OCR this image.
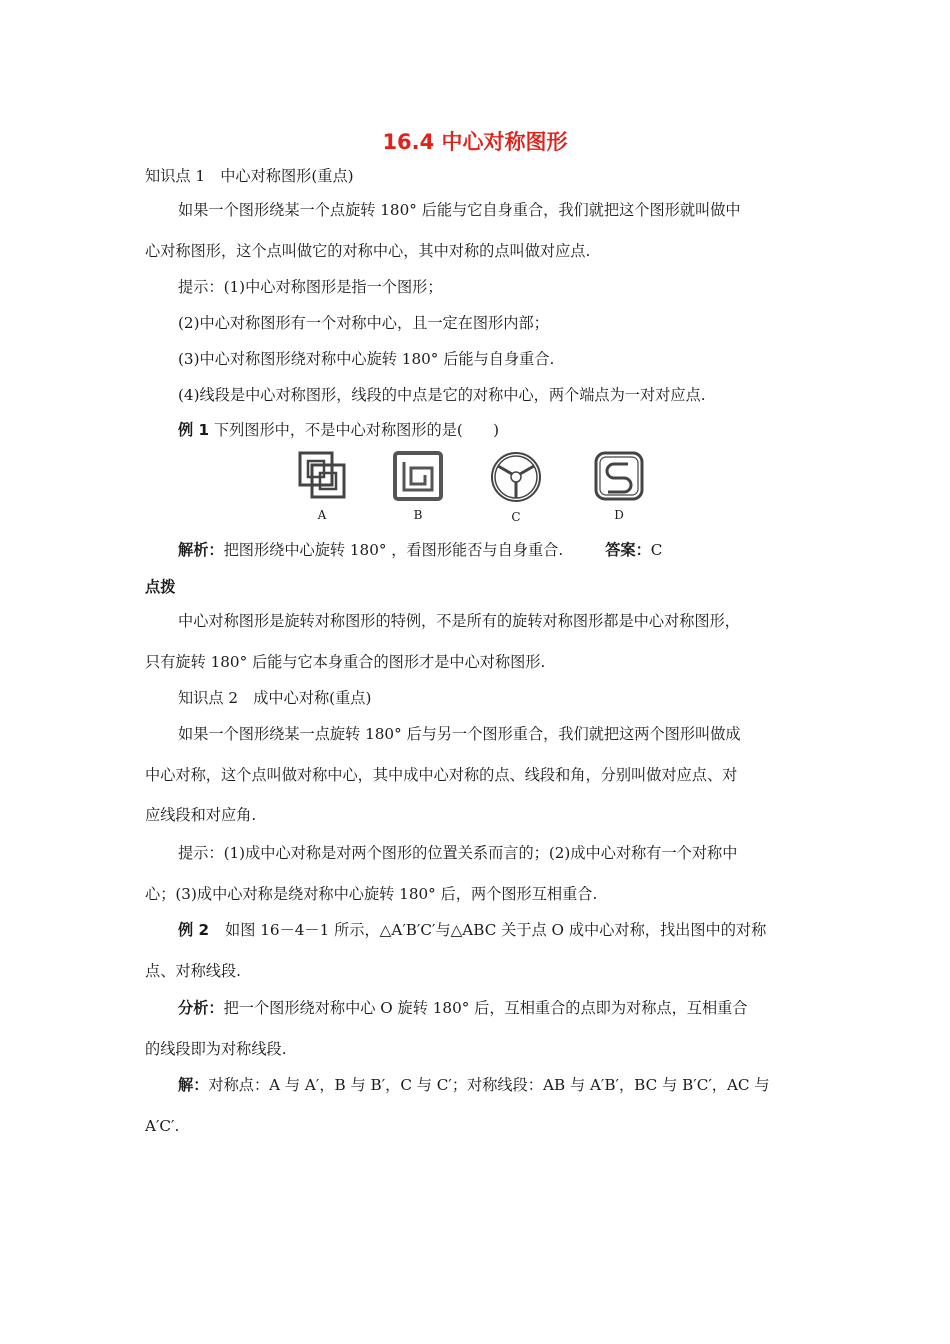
16.4 中心对称图形
知识点 1　中心对称图形(重点)
如果一个图形绕某一个点旋转 180° 后能与它自身重合，我们就把这个图形就叫做中
心对称图形，这个点叫做它的对称中心，其中对称的点叫做对应点.
提示：(1)中心对称图形是指一个图形；
(2)中心对称图形有一个对称中心，且一定在图形内部；
(3)中心对称图形绕对称中心旋转 180° 后能与自身重合.
(4)线段是中心对称图形，线段的中点是它的对称中心，两个端点为一对对应点.
例 1 下列图形中，不是中心对称图形的是(　　)
A	B	C	D
解析：把图形绕中心旋转 180° ，看图形能否与自身重合.	答案：C
点拨
中心对称图形是旋转对称图形的特例，不是所有的旋转对称图形都是中心对称图形，
只有旋转 180° 后能与它本身重合的图形才是中心对称图形.
知识点 2　成中心对称(重点)
如果一个图形绕某一点旋转 180° 后与另一个图形重合，我们就把这两个图形叫做成
中心对称，这个点叫做对称中心，其中成中心对称的点、线段和角，分别叫做对应点、对
应线段和对应角.
提示：(1)成中心对称是对两个图形的位置关系而言的；(2)成中心对称有一个对称中
心；(3)成中心对称是绕对称中心旋转 180° 后，两个图形互相重合.
例 2 如图 16－4－1 所示，△A′B′C′与△ABC 关于点 O 成中心对称，找出图中的对称
点、对称线段.
分析：把一个图形绕对称中心 O 旋转 180° 后，互相重合的点即为对称点，互相重合
的线段即为对称线段.
解：对称点：A 与 A′，B 与 B′，C 与 C′；对称线段：AB 与 A′B′，BC 与 B′C′，AC 与
A′C′.
